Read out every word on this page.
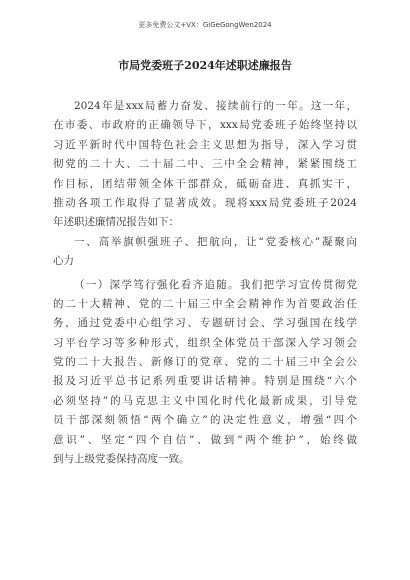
更多免费公文+VX：GiGeGongWen2024
市局党委班子2024年述职述廉报告
2024年是xxx局蓄力奋发、接续前行的一年。这一年，
在市委、市政府的正确领导下，xxx局党委班子始终坚持以
习近平新时代中国特色社会主义思想为指导，深入学习贯
彻党的二十大、二十届二中、三中全会精神，紧紧围绕工
作目标，团结带领全体干部群众，砥砺奋进、真抓实干，
推动各项工作取得了显著成效。现将xxx局党委班子2024
年述职述廉情况报告如下：
一、高举旗帜强班子、把航向，让“党委核心”凝聚向
心力
（一）深学笃行强化看齐追随。我们把学习宣传贯彻党
的二十大精神、党的二十届三中全会精神作为首要政治任
务，通过党委中心组学习、专题研讨会、学习强国在线学
习平台学习等多种形式，组织全体党员干部深入学习领会
党的二十大报告、新修订的党章、党的二十届三中全会公
报及习近平总书记系列重要讲话精神。特别是围绕“六个
必须坚持”的马克思主义中国化时代化最新成果，引导党
员干部深刻领悟“两个确立”的决定性意义，增强“四个
意识”、坚定“四个自信”、做到“两个维护”，始终做
到与上级党委保持高度一致。
